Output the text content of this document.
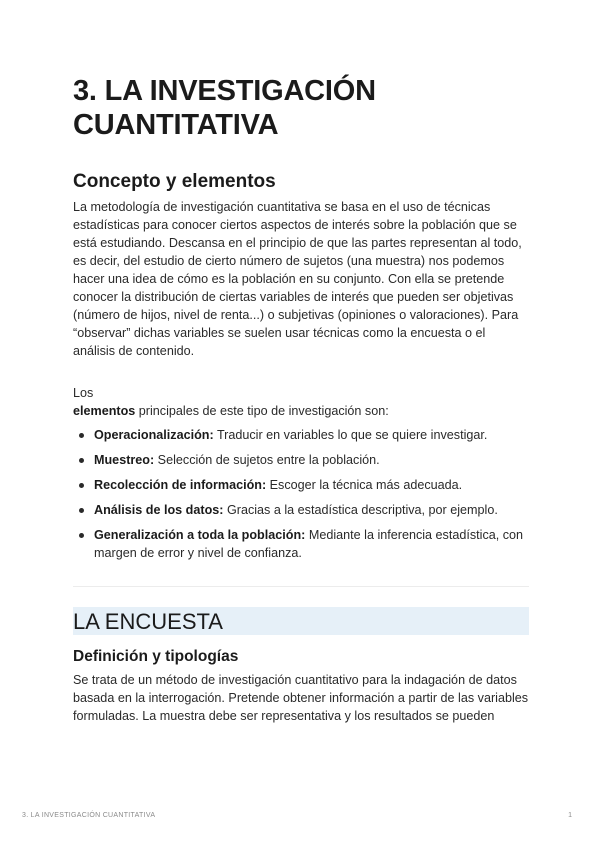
3. LA INVESTIGACIÓN CUANTITATIVA
Concepto y elementos

La metodología de investigación cuantitativa se basa en el uso de técnicas estadísticas para conocer ciertos aspectos de interés sobre la población que se está estudiando. Descansa en el principio de que las partes representan al todo, es decir, del estudio de cierto número de sujetos (una muestra) nos podemos hacer una idea de cómo es la población en su conjunto. Con ella se pretende conocer la distribución de ciertas variables de interés que pueden ser objetivas (número de hijos, nivel de renta...) o subjetivas (opiniones o valoraciones). Para “observar” dichas variables se suelen usar técnicas como la encuesta o el análisis de contenido.

Los
elementos principales de este tipo de investigación son:

Operacionalización: Traducir en variables lo que se quiere investigar.
Muestreo: Selección de sujetos entre la población.
Recolección de información: Escoger la técnica más adecuada.
Análisis de los datos: Gracias a la estadística descriptiva, por ejemplo.
Generalización a toda la población: Mediante la inferencia estadística, con margen de error y nivel de confianza.
LA ENCUESTA
Definición y tipologías

Se trata de un método de investigación cuantitativo para la indagación de datos basada en la interrogación. Pretende obtener información a partir de las variables
formuladas. La muestra debe ser representativa y los resultados se pueden

3. LA INVESTIGACIÓN CUANTITATIVA	1
